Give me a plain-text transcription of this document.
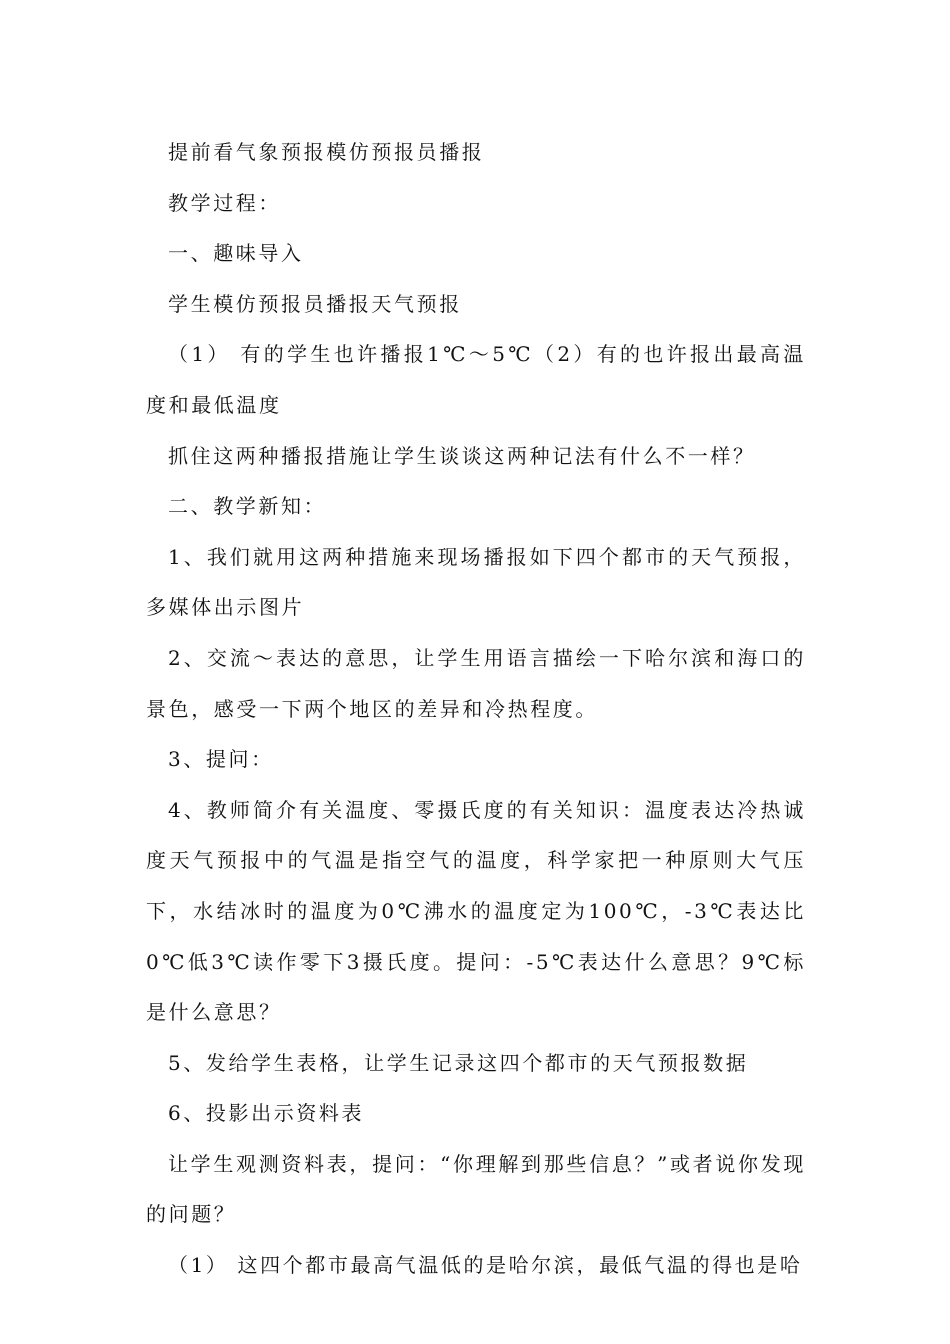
提前看气象预报模仿预报员播报

教学过程：

一、趣味导入

学生模仿预报员播报天气预报

（1） 有的学生也许播报1℃～5℃（2）有的也许报出最高温度和最低温度

抓住这两种播报措施让学生谈谈这两种记法有什么不一样？

二、教学新知：

1、我们就用这两种措施来现场播报如下四个都市的天气预报，多媒体出示图片

2、交流～表达的意思，让学生用语言描绘一下哈尔滨和海口的景色，感受一下两个地区的差异和冷热程度。

3、提问：

4、教师简介有关温度、零摄氏度的有关知识：温度表达冷热诚度天气预报中的气温是指空气的温度，科学家把一种原则大气压下，水结冰时的温度为0℃沸水的温度定为100℃，-3℃表达比0℃低3℃读作零下3摄氏度。提问：-5℃表达什么意思？9℃标是什么意思？

5、发给学生表格，让学生记录这四个都市的天气预报数据

6、投影出示资料表

让学生观测资料表，提问：“你理解到那些信息？”或者说你发现的问题？

（1） 这四个都市最高气温低的是哈尔滨，最低气温的得也是哈
